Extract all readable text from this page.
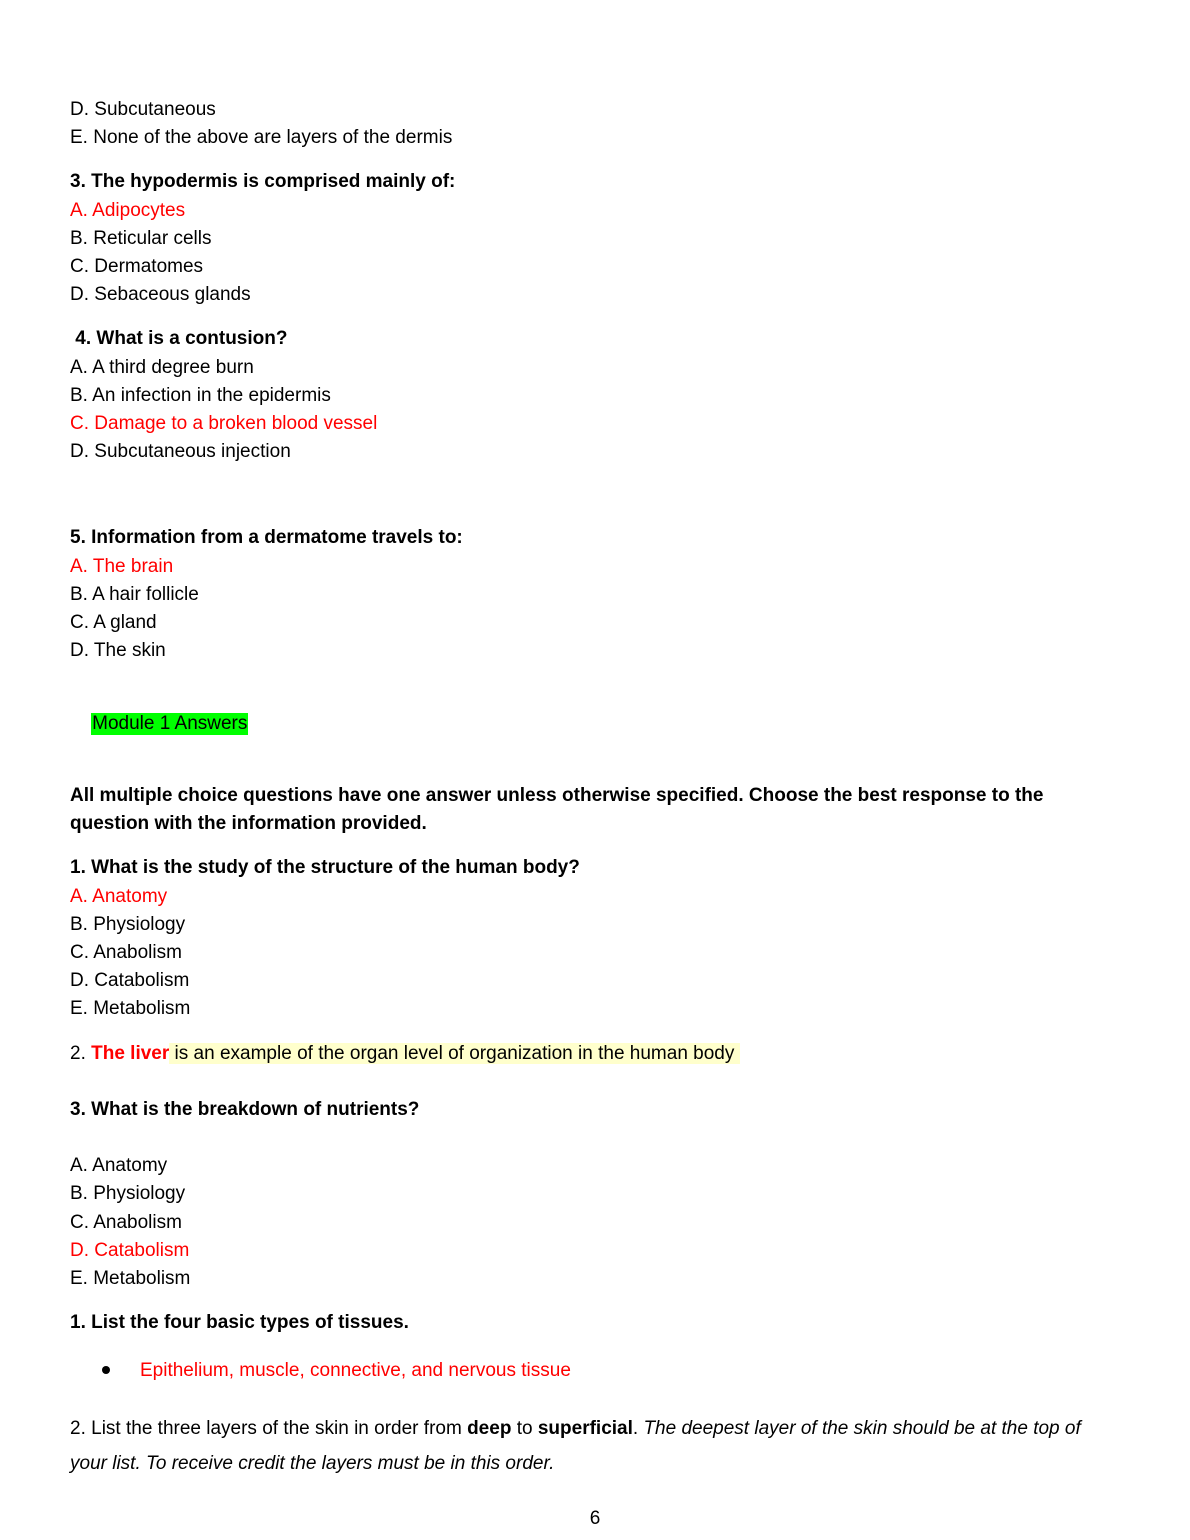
D. Subcutaneous
E. None of the above are layers of the dermis
3. The hypodermis is comprised mainly of:
A. Adipocytes
B. Reticular cells
C. Dermatomes
D. Sebaceous glands
4. What is a contusion?
A. A third degree burn
B. An infection in the epidermis
C. Damage to a broken blood vessel
D. Subcutaneous injection
5. Information from a dermatome travels to:
A. The brain
B. A hair follicle
C. A gland
D. The skin

Module 1 Answers

All multiple choice questions have one answer unless otherwise specified. Choose the best response to the question with the information provided.
1. What is the study of the structure of the human body?
A. Anatomy
B. Physiology
C. Anabolism
D. Catabolism
E. Metabolism
2. The liver is an example of the organ level of organization in the human body
3. What is the breakdown of nutrients?
A. Anatomy
B. Physiology
C. Anabolism
D. Catabolism
E. Metabolism
1. List the four basic types of tissues.
Epithelium, muscle, connective, and nervous tissue
2. List the three layers of the skin in order from deep to superficial. The deepest layer of the skin should be at the top of your list. To receive credit the layers must be in this order.
6
